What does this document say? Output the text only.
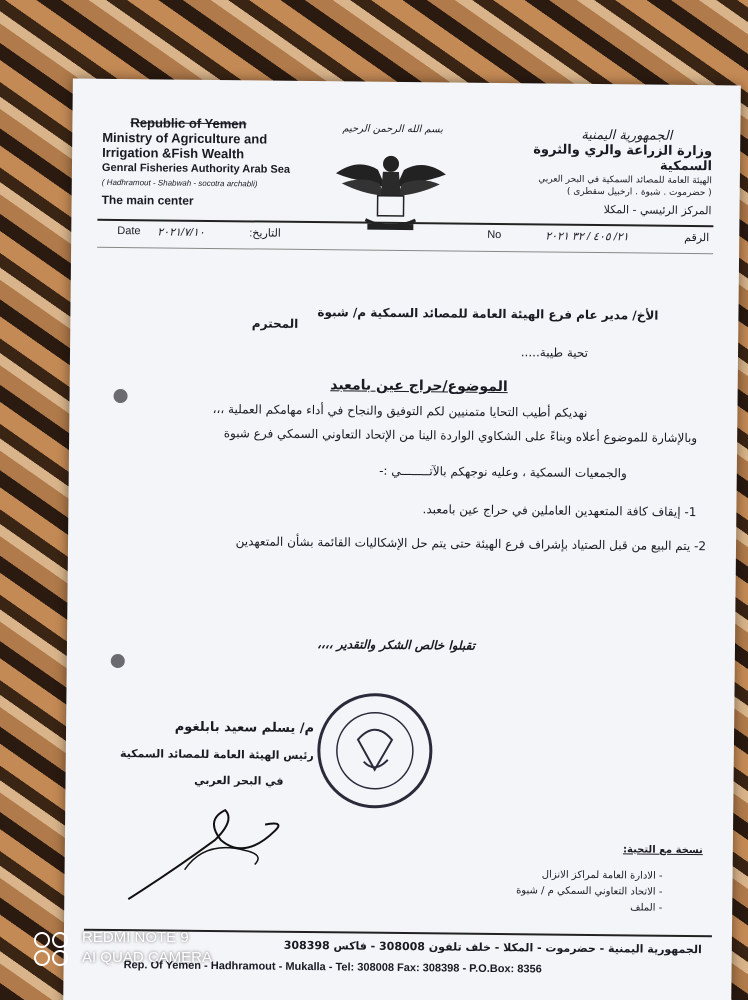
Republic of Yemen
Ministry of Agriculture and
Irrigation &Fish Wealth
Genral Fisheries Authority Arab Sea
( Hadhramout - Shabwah - socotra archabli)
The main center
بسم الله الرحمن الرحيم	الجمهورية اليمنية
وزارة الزراعة والري والثروة السمكية
الهيئة العامة للمصائد السمكية في البحر العربي
( حضرموت . شبوة . ارخبيل سقطرى )
المركز الرئيسي - المكلا
Date ٢٠٢١/٧/١٠	التاريخ:	No	٢١/ ٤٠٥ / ٣٢ ٢٠٢١	الرقم
الأخ/ مدير عام فرع الهيئة العامة للمصائد السمكية م/ شبوة
المحترم
تحية طيبة.....
الموضوع/حراج عين بامعبد
نهديكم أطيب التحايا متمنيين لكم التوفيق والنجاح في أداء مهامكم العملية ،،،
وبالإشارة للموضوع أعلاه وبناءً على الشكاوي الواردة الينا من الإتحاد التعاوني السمكي فرع شبوة
والجمعيات السمكية ، وعليه نوجهكم بالآتــــــــي :-
1- إيقاف كافة المتعهدين العاملين في حراج عين بامعبد.
2- يتم البيع من قبل الصتياد بإشراف فرع الهيئة حتى يتم حل الإشكاليات القائمة بشأن المتعهدين
تقبلوا خالص الشكر والتقدير ،،،،
م/ يسلم سعيد بابلغوم
رئيس الهيئة العامة للمصائد السمكية
في البحر العربي
نسخة مع التحية:
- الادارة العامة لمراكز الانزال
- الاتحاد التعاوني السمكي م / شبوة
- الملف
الجمهورية اليمنية - حضرموت - المكلا - خلف تلفون 308008 - فاكس 308398
Rep. Of Yemen - Hadhramout - Mukalla - Tel: 308008 Fax: 308398 - P.O.Box: 8356
REDMI NOTE 9
AI QUAD CAMERA
